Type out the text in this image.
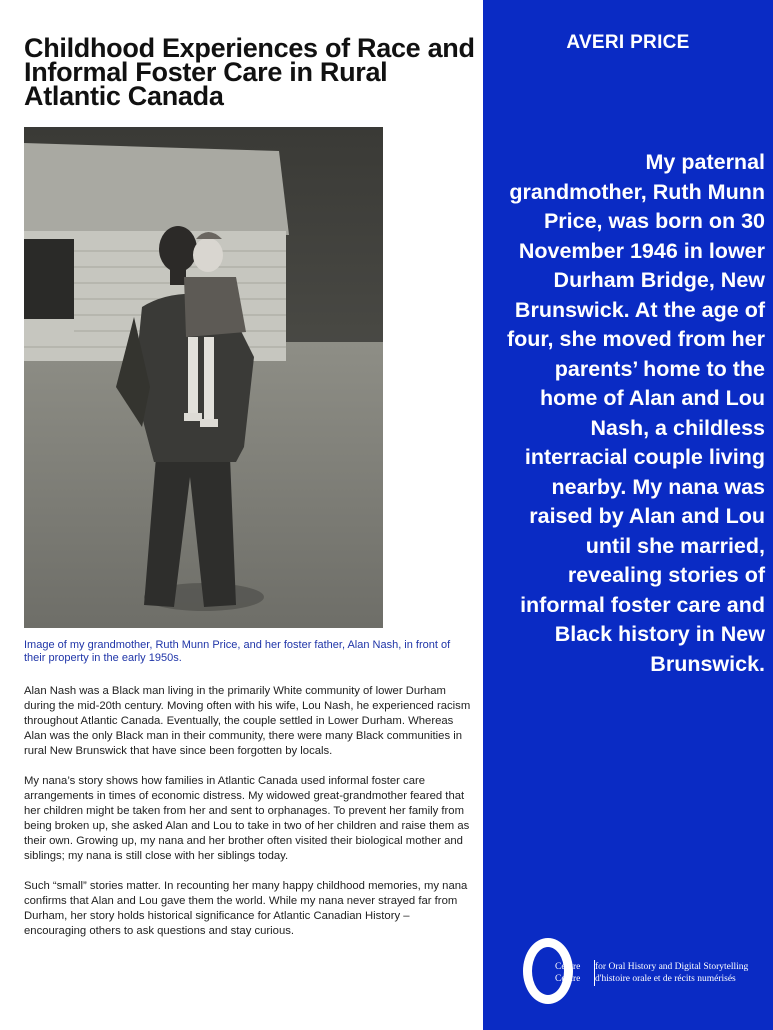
Childhood Experiences of Race and Informal Foster Care in Rural Atlantic Canada

Image of my grandmother, Ruth Munn Price, and her foster father, Alan Nash, in front of their property in the early 1950s.

Alan Nash was a Black man living in the primarily White community of lower Durham during the mid-20th century. Moving often with his wife, Lou Nash, he experienced racism throughout Atlantic Canada. Eventually, the couple settled in Lower Durham. Whereas Alan was the only Black man in their community, there were many Black communities in rural New Brunswick that have since been forgotten by locals.

My nana’s story shows how families in Atlantic Canada used informal foster care arrangements in times of economic distress. My widowed great-grandmother feared that her children might be taken from her and sent to orphanages. To prevent her family from being broken up, she asked Alan and Lou to take in two of her children and raise them as their own. Growing up, my nana and her brother often visited their biological mother and siblings; my nana is still close with her siblings today.

Such “small” stories matter. In recounting her many happy childhood memories, my nana confirms that Alan and Lou gave them the world. While my nana never strayed far from Durham, her story holds historical significance for Atlantic Canadian History – encouraging others to ask questions and stay curious.

AVERI PRICE

My paternal grandmother, Ruth Munn Price, was born on 30 November 1946 in lower Durham Bridge, New Brunswick. At the age of four, she moved from her parents’ home to the home of Alan and Lou Nash, a childless interracial couple living nearby. My nana was raised by Alan and Lou until she married, revealing stories of informal foster care and Black history in New Brunswick.

Centre for Oral History and Digital Storytelling
Centre d'histoire orale et de récits numérisés
